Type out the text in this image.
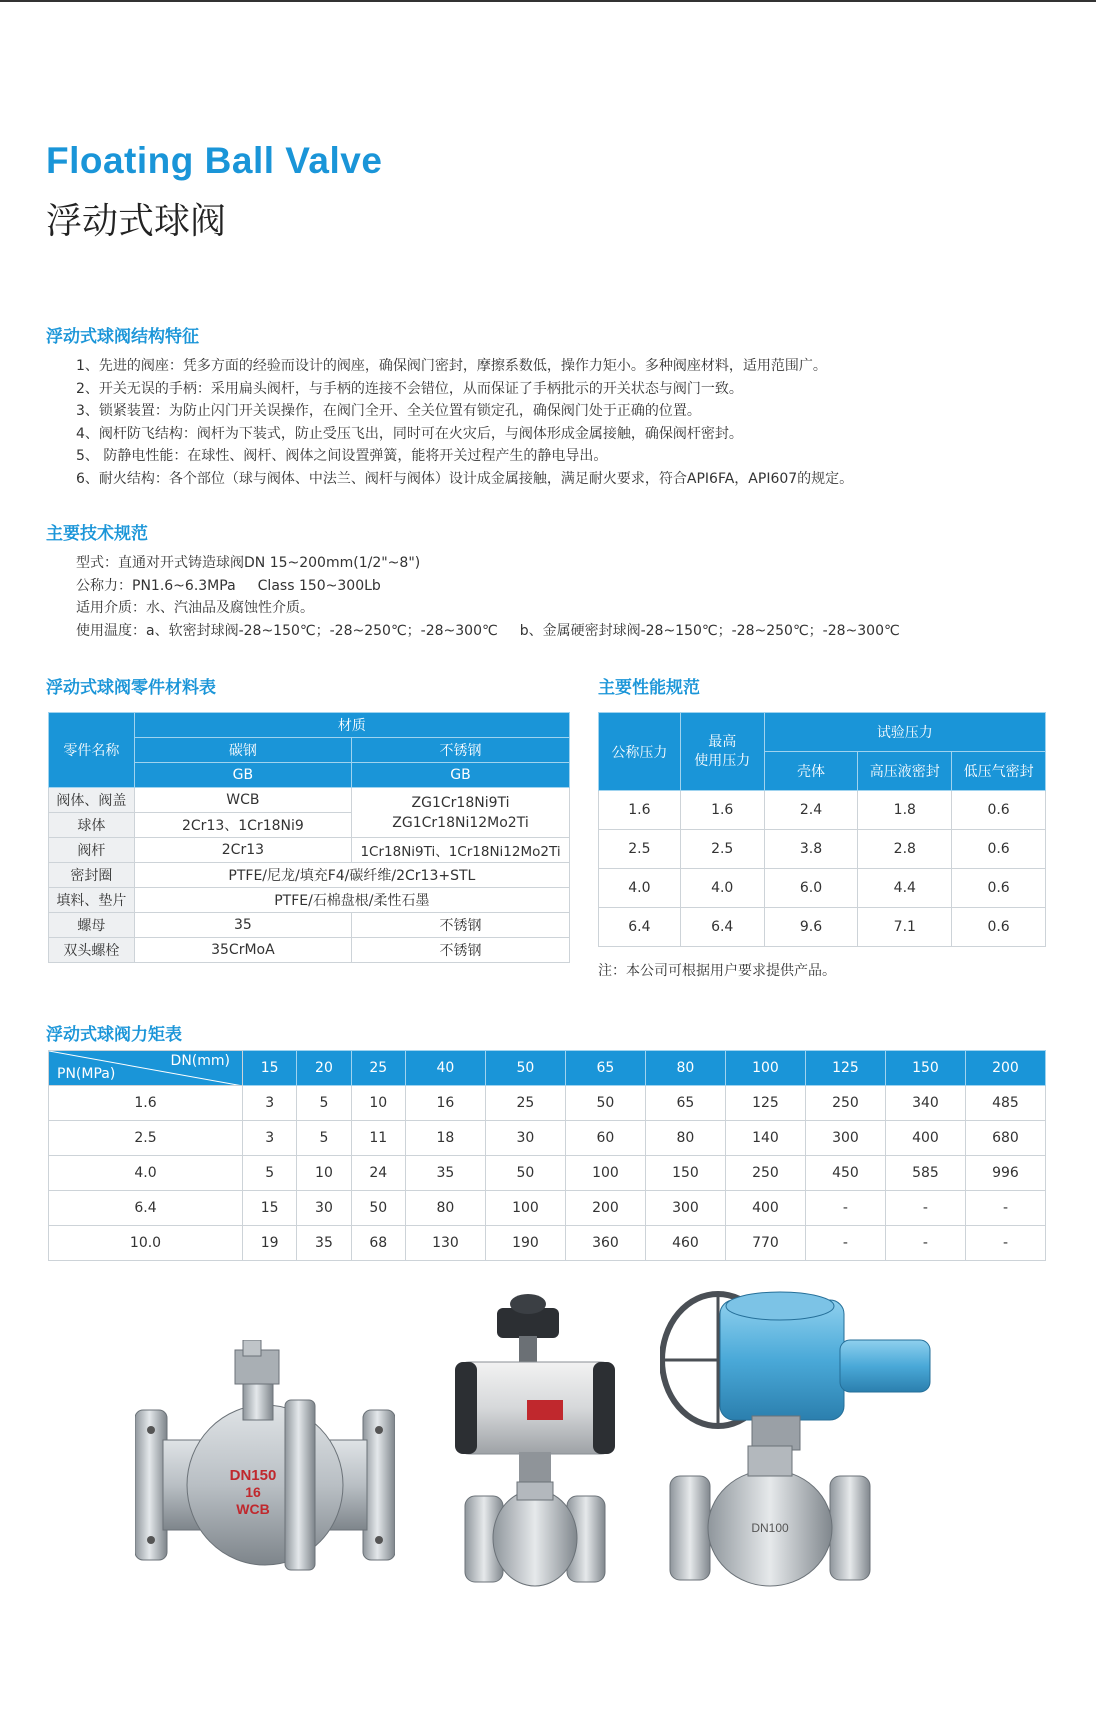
Floating Ball Valve
浮动式球阀
浮动式球阀结构特征
1、先进的阀座：凭多方面的经验而设计的阀座，确保阀门密封，摩擦系数低，操作力矩小。多种阀座材料，适用范围广。
2、开关无误的手柄：采用扁头阀杆，与手柄的连接不会错位，从而保证了手柄批示的开关状态与阀门一致。
3、锁紧装置：为防止闪门开关误操作，在阀门全开、全关位置有锁定孔，确保阀门处于正确的位置。
4、阀杆防飞结构：阀杆为下装式，防止受压飞出，同时可在火灾后，与阀体形成金属接触，确保阀杆密封。
5、 防静电性能：在球性、阀杆、阀体之间设置弹簧，能将开关过程产生的静电导出。
6、耐火结构：各个部位（球与阀体、中法兰、阀杆与阀体）设计成金属接触，满足耐火要求，符合API6FA，API607的规定。
主要技术规范
型式：直通对开式铸造球阀DN 15~200mm(1/2"~8")
公称力：PN1.6~6.3MPa Class 150~300Lb
适用介质：水、汽油品及腐蚀性介质。
使用温度：a、软密封球阀-28~150℃；-28~250℃；-28~300℃ b、金属硬密封球阀-28~150℃；-28~250℃；-28~300℃
浮动式球阀零件材料表
零件名称	材质	
	碳钢	不锈钢
	GB	GB
阀体、阀盖	WCB	ZG1Cr18Ni9Ti
ZG1Cr18Ni12Mo2Ti

球体	2Cr13、1Cr18Ni9	
阀杆	2Cr13	1Cr18Ni9Ti、1Cr18Ni12Mo2Ti
密封圈	PTFE/尼龙/填充F4/碳纤维/2Cr13+STL	
填料、垫片	PTFE/石棉盘根/柔性石墨	
螺母	35	不锈钢
双头螺栓	35CrMoA	不锈钢
主要性能规范
公称压力	最高
使用压力	试验压力		
		壳体	高压液密封	低压气密封
1.6	1.6	2.4	1.8	0.6
2.5	2.5	3.8	2.8	0.6
4.0	4.0	6.0	4.4	0.6
6.4	6.4	9.6	7.1	0.6
注：本公司可根据用户要求提供产品。
浮动式球阀力矩表
DN(mm)
PN(MPa)	15	20	25	40	50	65	80	100	125	150	200
1.6	3	5	10	16	25	50	65	125	250	340	485
2.5	3	5	11	18	30	60	80	140	300	400	680
4.0	5	10	24	35	50	100	150	250	450	585	996
6.4	15	30	50	80	100	200	300	400	-	-	-
10.0	19	35	68	130	190	360	460	770	-	-	-
DN150
16
WCB
DN100
